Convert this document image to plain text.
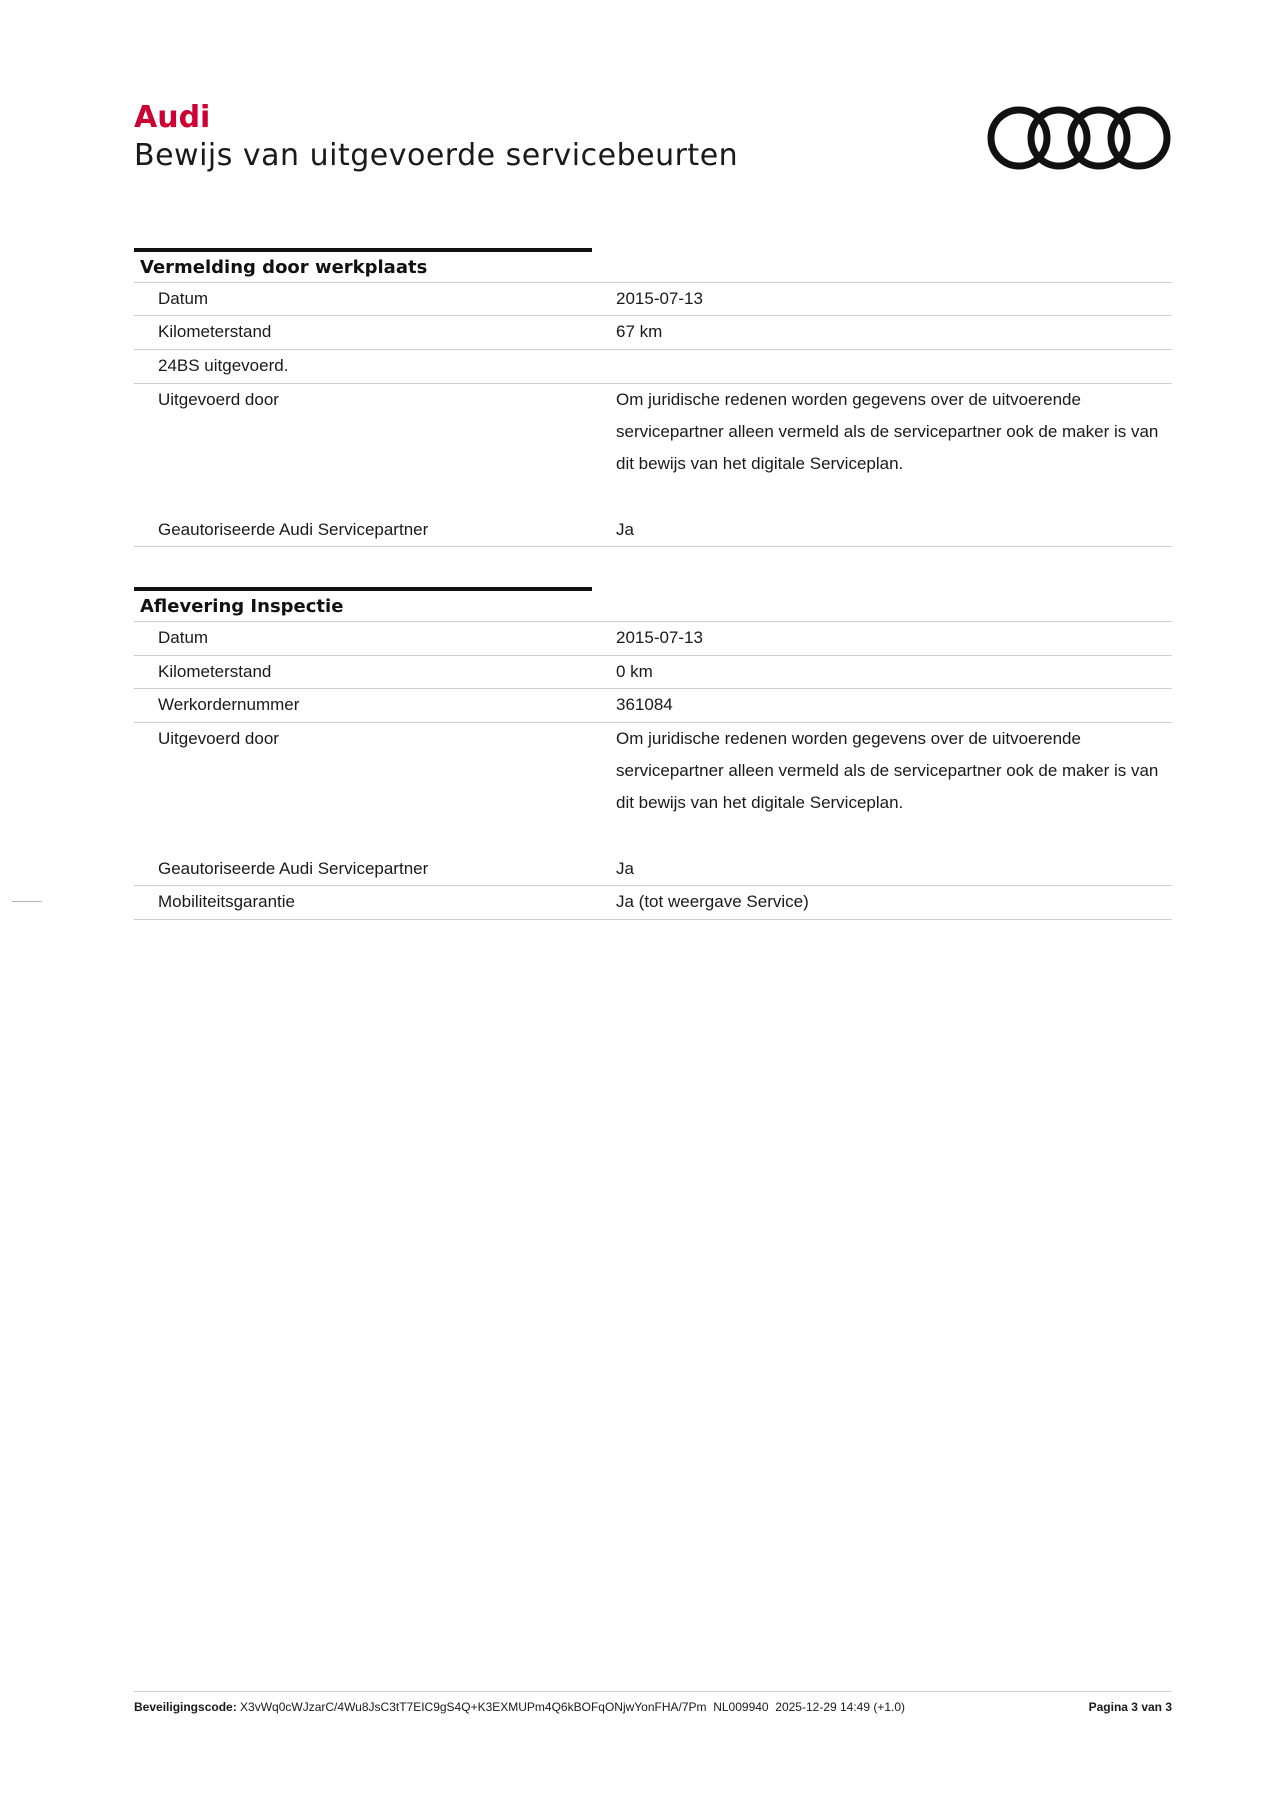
Audi
Bewijs van uitgevoerde servicebeurten
Vermelding door werkplaats
Datum	2015-07-13
Kilometerstand	67 km
24BS uitgevoerd.
Uitgevoerd door	Om juridische redenen worden gegevens over de uitvoerende servicepartner alleen vermeld als de servicepartner ook de maker is van dit bewijs van het digitale Serviceplan.
Geautoriseerde Audi Servicepartner	Ja
Aflevering Inspectie
Datum	2015-07-13
Kilometerstand	0 km
Werkordernummer	361084
Uitgevoerd door	Om juridische redenen worden gegevens over de uitvoerende servicepartner alleen vermeld als de servicepartner ook de maker is van dit bewijs van het digitale Serviceplan.
Geautoriseerde Audi Servicepartner	Ja
Mobiliteitsgarantie	Ja (tot weergave Service)
Beveiligingscode: X3vWq0cWJzarC/4Wu8JsC3tT7EIC9gS4Q+K3EXMUPm4Q6kBOFqONjwYonFHA/7Pm NL009940 2025-12-29 14:49 (+1.0)	Pagina 3 van 3
